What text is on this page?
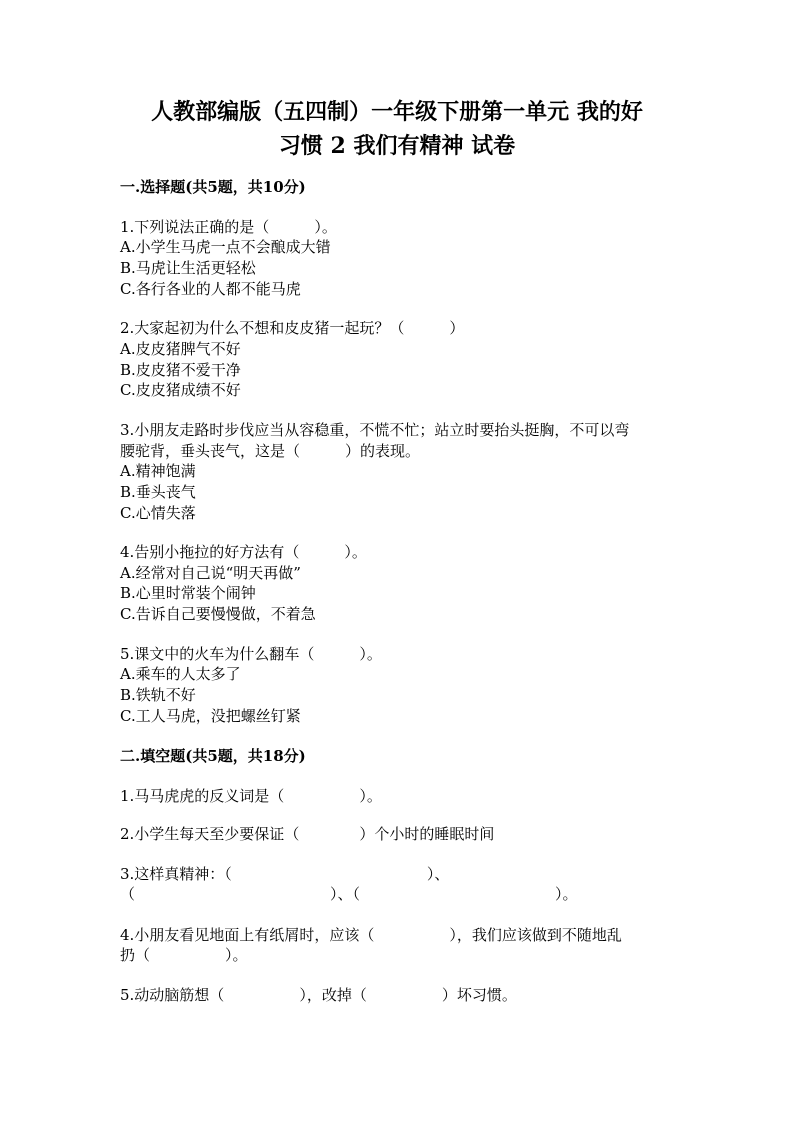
人教部编版（五四制）一年级下册第一单元 我的好
习惯 2 我们有精神 试卷
一.选择题(共5题，共10分)
1.下列说法正确的是（　　　）。
A.小学生马虎一点不会酿成大错
B.马虎让生活更轻松
C.各行各业的人都不能马虎
2.大家起初为什么不想和皮皮猪一起玩？（　　　）
A.皮皮猪脾气不好
B.皮皮猪不爱干净
C.皮皮猪成绩不好
3.小朋友走路时步伐应当从容稳重，不慌不忙；站立时要抬头挺胸，不可以弯
腰驼背，垂头丧气，这是（　　　）的表现。
A.精神饱满
B.垂头丧气
C.心情失落
4.告别小拖拉的好方法有（　　　）。
A.经常对自己说“明天再做”
B.心里时常装个闹钟
C.告诉自己要慢慢做，不着急
5.课文中的火车为什么翻车（　　　）。
A.乘车的人太多了
B.铁轨不好
C.工人马虎，没把螺丝钉紧
二.填空题(共5题，共18分)
1.马马虎虎的反义词是（　　　　　）。
2.小学生每天至少要保证（　　　　）个小时的睡眠时间
3.这样真精神：（　　　　　　　　　　　　　）、
（　　　　　　　　　　　　　）、（　　　　　　　　　　　　　）。
4.小朋友看见地面上有纸屑时，应该（　　　　　），我们应该做到不随地乱
扔（　　　　　）。
5.动动脑筋想（　　　　　），改掉（　　　　　）坏习惯。
